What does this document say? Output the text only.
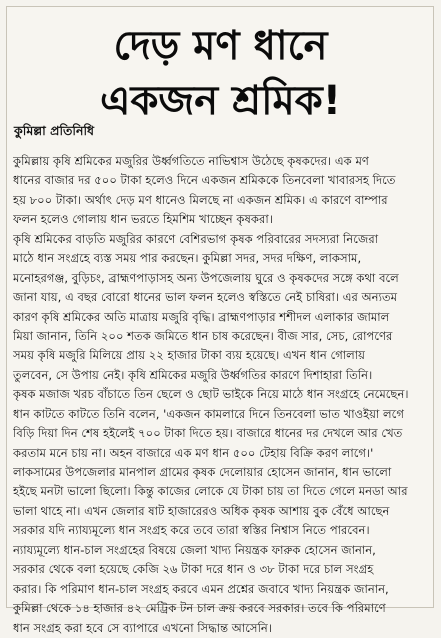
দেড় মণ ধানে
একজন শ্রমিক!
কুমিল্লা প্রতিনিধি
কুমিল্লায় কৃষি শ্রমিকের মজুরির উর্ধ্বগতিতে নাভিশ্বাস উঠেছে কৃষকদের। এক মণ
ধানের বাজার দর ৫০০ টাকা হলেও দিনে একজন শ্রমিককে তিনবেলা খাবারসহ দিতে
হয় ৮০০ টাকা। অর্থাৎ দেড় মণ ধানেও মিলছে না একজন শ্রমিক। এ কারণে বাম্পার
ফলন হলেও গোলায় ধান ভরতে হিমশিম খাচ্ছেন কৃষকরা।
কৃষি শ্রমিকের বাড়তি মজুরির কারণে বেশিরভাগ কৃষক পরিবারের সদস্যরা নিজেরা
মাঠে ধান সংগ্রহে ব্যস্ত সময় পার করছেন। কুমিল্লা সদর, সদর দক্ষিণ, লাকসাম,
মনোহরগঞ্জ, বুড়িচং, ব্রাহ্মণপাড়াসহ অন্য উপজেলায় ঘুরে ও কৃষকদের সঙ্গে কথা বলে
জানা যায়, এ বছর বোরো ধানের ভাল ফলন হলেও স্বস্তিতে নেই চাষিরা। এর অন্যতম
কারণ কৃষি শ্রমিকের অতি মাত্রায় মজুরি বৃদ্ধি। ব্রাহ্মণপাড়ার শশীদল এলাকার জামাল
মিয়া জানান, তিনি ২০০ শতক জমিতে ধান চাষ করেছেন। বীজ সার, সেচ, রোপণের
সময় কৃষি মজুরি মিলিয়ে প্রায় ২২ হাজার টাকা ব্যয় হয়েছে। এখন ধান গোলায়
তুলবেন, সে উপায় নেই। কৃষি শ্রমিকের মজুরি উর্ধ্বগতির কারণে দিশাহারা তিনি।
কৃষক মজাজ খরচ বাঁচাতে তিন ছেলে ও ছোট ভাইকে নিয়ে মাঠে ধান সংগ্রহে নেমেছেন।
ধান কাটতে কাটতে তিনি বলেন, 'একজন কামলারে দিনে তিনবেলা ভাত খাওইয়া লগে
বিড়ি দিয়া দিন শেষ হইলেই ৭০০ টাকা দিতে হয়। বাজারে ধানের দর দেখলে আর খেত
করতাম মনে চায় না। অহন বাজারে এক মণ ধান ৫০০ টেহায় বিক্রি করণ লাগে।'
লাকসামের উপজেলার মানপাল গ্রামের কৃষক দেলোয়ার হোসেন জানান, ধান ভালো
হইছে মনটা ভালো ছিলো। কিন্তু কাজের লোকে যে টাকা চায় তা দিতে গেলে মনডা আর
ভালা থাহে না। এখন জেলার ষাট হাজারেরও অধিক কৃষক আশায় বুক বেঁধে আছেন
সরকার যদি ন্যায্যমূল্যে ধান সংগ্রহ করে তবে তারা স্বস্তির নিশ্বাস নিতে পারবেন।
ন্যায্যমূল্যে ধান-চাল সংগ্রহের বিষয়ে জেলা খাদ্য নিয়ন্ত্রক ফারুক হোসেন জানান,
সরকার থেকে বলা হয়েছে কেজি ২৬ টাকা দরে ধান ও ৩৮ টাকা দরে চাল সংগ্রহ
করার। কি পরিমাণ ধান-চাল সংগ্রহ করবে এমন প্রশ্নের জবাবে খাদ্য নিয়ন্ত্রক জানান,
কুমিল্লা থেকে ১৪ হাজার ৪২ মেট্রিক টন চাল ক্রয় করবে সরকার। তবে কি পরিমাণে
ধান সংগ্রহ করা হবে সে ব্যাপারে এখনো সিদ্ধান্ত আসেনি।
